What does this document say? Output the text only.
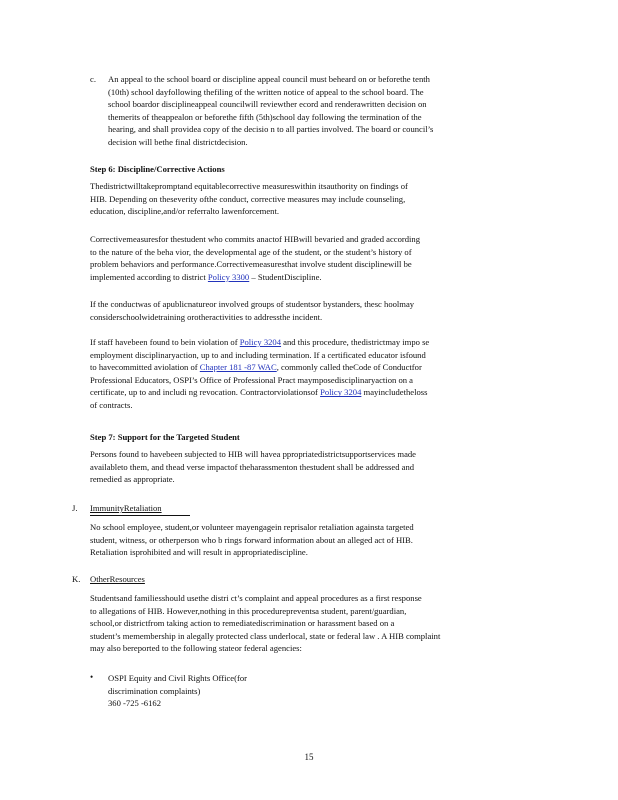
c. An appeal to the school board or discipline appeal council must beheard on or beforethe tenth
(10th) school dayfollowing thefiling of the written notice of appeal to the school board. The
school boardor disciplineappeal councilwill reviewther ecord and renderawritten decision on
themerits of theappealon or beforethe fifth (5th)school day following the termination of the
hearing, and shall providea copy of the decisio n to all parties involved. The board or council’s
decision will bethe final districtdecision.
Step 6: Discipline/Corrective Actions
Thedistrictwilltakepromptand equitablecorrective measureswithin itsauthority on findings of
HIB. Depending on theseverity ofthe conduct, corrective measures may include counseling,
education, discipline,and/or referralto lawenforcement.
Correctivemeasuresfor thestudent who commits anactof HIBwill bevaried and graded according
to the nature of the beha vior, the developmental age of the student, or the student’s history of
problem behaviors and performance.Correctivemeasuresthat involve student disciplinewill be
implemented according to district Policy 3300 – StudentDiscipline.
If the conductwas of apublicnatureor involved groups of studentsor bystanders, thesc hoolmay
considerschoolwidetraining orotheractivities to addressthe incident.
If staff havebeen found to bein violation of Policy 3204 and this procedure, thedistrictmay impo se
employment disciplinaryaction, up to and including termination. If a certificated educator isfound
to havecommitted aviolation of Chapter 181 -87 WAC, commonly called theCode of Conductfor
Professional Educators, OSPI’s Office of Professional Pract maymposedisciplinaryaction on a
certificate, up to and includi ng revocation. Contractorviolationsof Policy 3204 mayincludetheloss
of contracts.
Step 7: Support for the Targeted Student
Persons found to havebeen subjected to HIB will havea ppropriatedistrictsupportservices made
availableto them, and thead verse impactof theharassmenton thestudent shall be addressed and
remedied as appropriate.
J. ImmunityRetaliation
No school employee, student,or volunteer mayengagein reprisalor retaliation againsta targeted
student, witness, or otherperson who b rings forward information about an alleged act of HIB.
Retaliation isprohibited and will result in appropriatediscipline.
K. OtherResources
Studentsand familiesshould usethe distri ct’s complaint and appeal procedures as a first response
to allegations of HIB. However,nothing in this procedurepreventsa student, parent/guardian,
school,or districtfrom taking action to remediatediscrimination or harassment based on a
student’s memembership in alegally protected class underlocal, state or federal law . A HIB complaint
may also bereported to the following stateor federal agencies:
• OSPI Equity and Civil Rights Office(for
discrimination complaints)
360 -725 -6162
15
